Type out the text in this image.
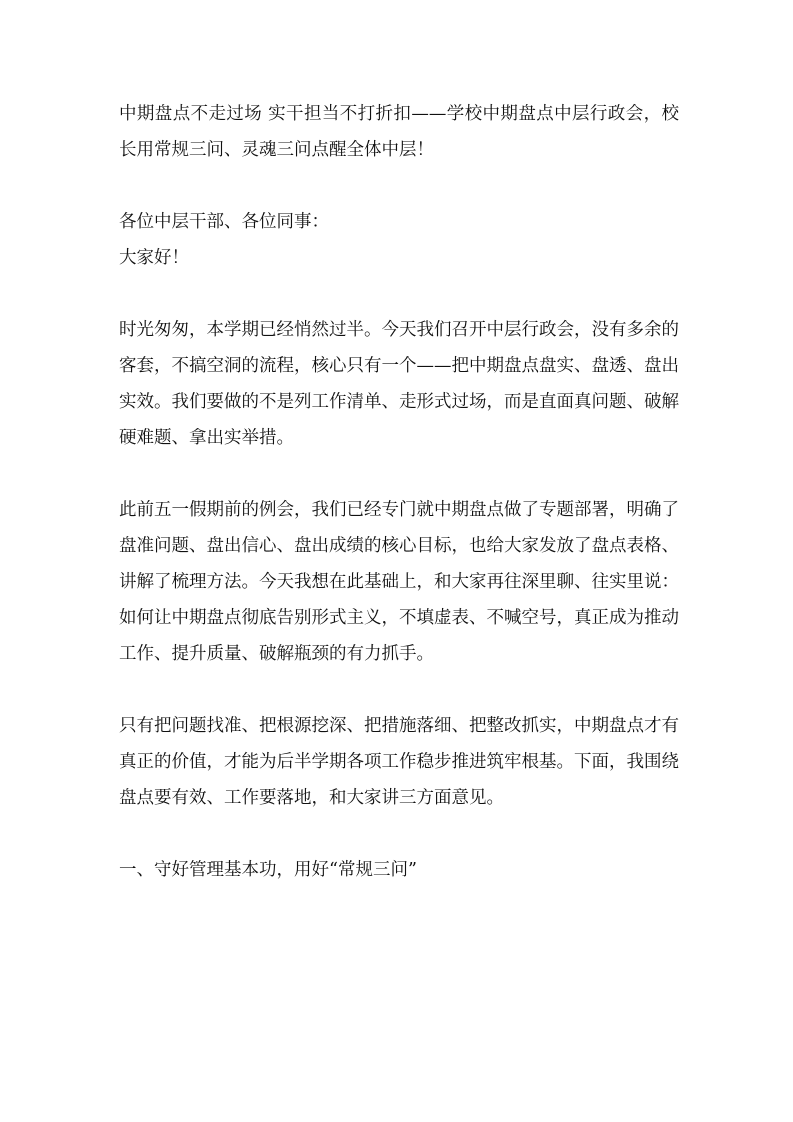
中期盘点不走过场 实干担当不打折扣——学校中期盘点中层行政会，校长用常规三问、灵魂三问点醒全体中层！

各位中层干部、各位同事：

大家好！

时光匆匆，本学期已经悄然过半。今天我们召开中层行政会，没有多余的客套，不搞空洞的流程，核心只有一个——把中期盘点盘实、盘透、盘出实效。我们要做的不是列工作清单、走形式过场，而是直面真问题、破解硬难题、拿出实举措。

此前五一假期前的例会，我们已经专门就中期盘点做了专题部署，明确了盘准问题、盘出信心、盘出成绩的核心目标，也给大家发放了盘点表格、讲解了梳理方法。今天我想在此基础上，和大家再往深里聊、往实里说：如何让中期盘点彻底告别形式主义，不填虚表、不喊空号，真正成为推动工作、提升质量、破解瓶颈的有力抓手。

只有把问题找准、把根源挖深、把措施落细、把整改抓实，中期盘点才有真正的价值，才能为后半学期各项工作稳步推进筑牢根基。下面，我围绕盘点要有效、工作要落地，和大家讲三方面意见。

一、守好管理基本功，用好“常规三问”
